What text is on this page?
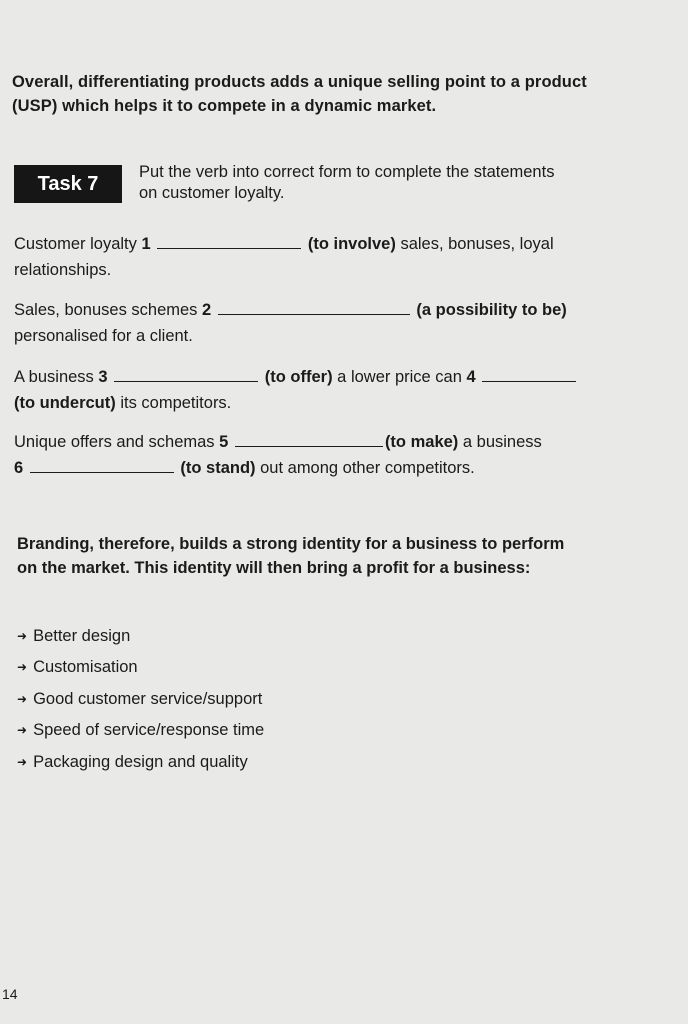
Overall, differentiating products adds a unique selling point to a product (USP) which helps it to compete in a dynamic market.
Task 7
Put the verb into correct form to complete the statements on customer loyalty.
Customer loyalty 1	(to involve) sales, bonuses, loyal relationships.
Sales, bonuses schemes 2	(a possibility to be) personalised for a client.
A business 3	(to offer) a lower price can 4
(to undercut) its competitors.
Unique offers and schemas 5	(to make) a business
6	(to stand) out among other competitors.
Branding, therefore, builds a strong identity for a business to perform on the market. This identity will then bring a profit for a business:
➜ Better design
➜ Customisation
➜ Good customer service/support
➜ Speed of service/response time
➜ Packaging design and quality
14
